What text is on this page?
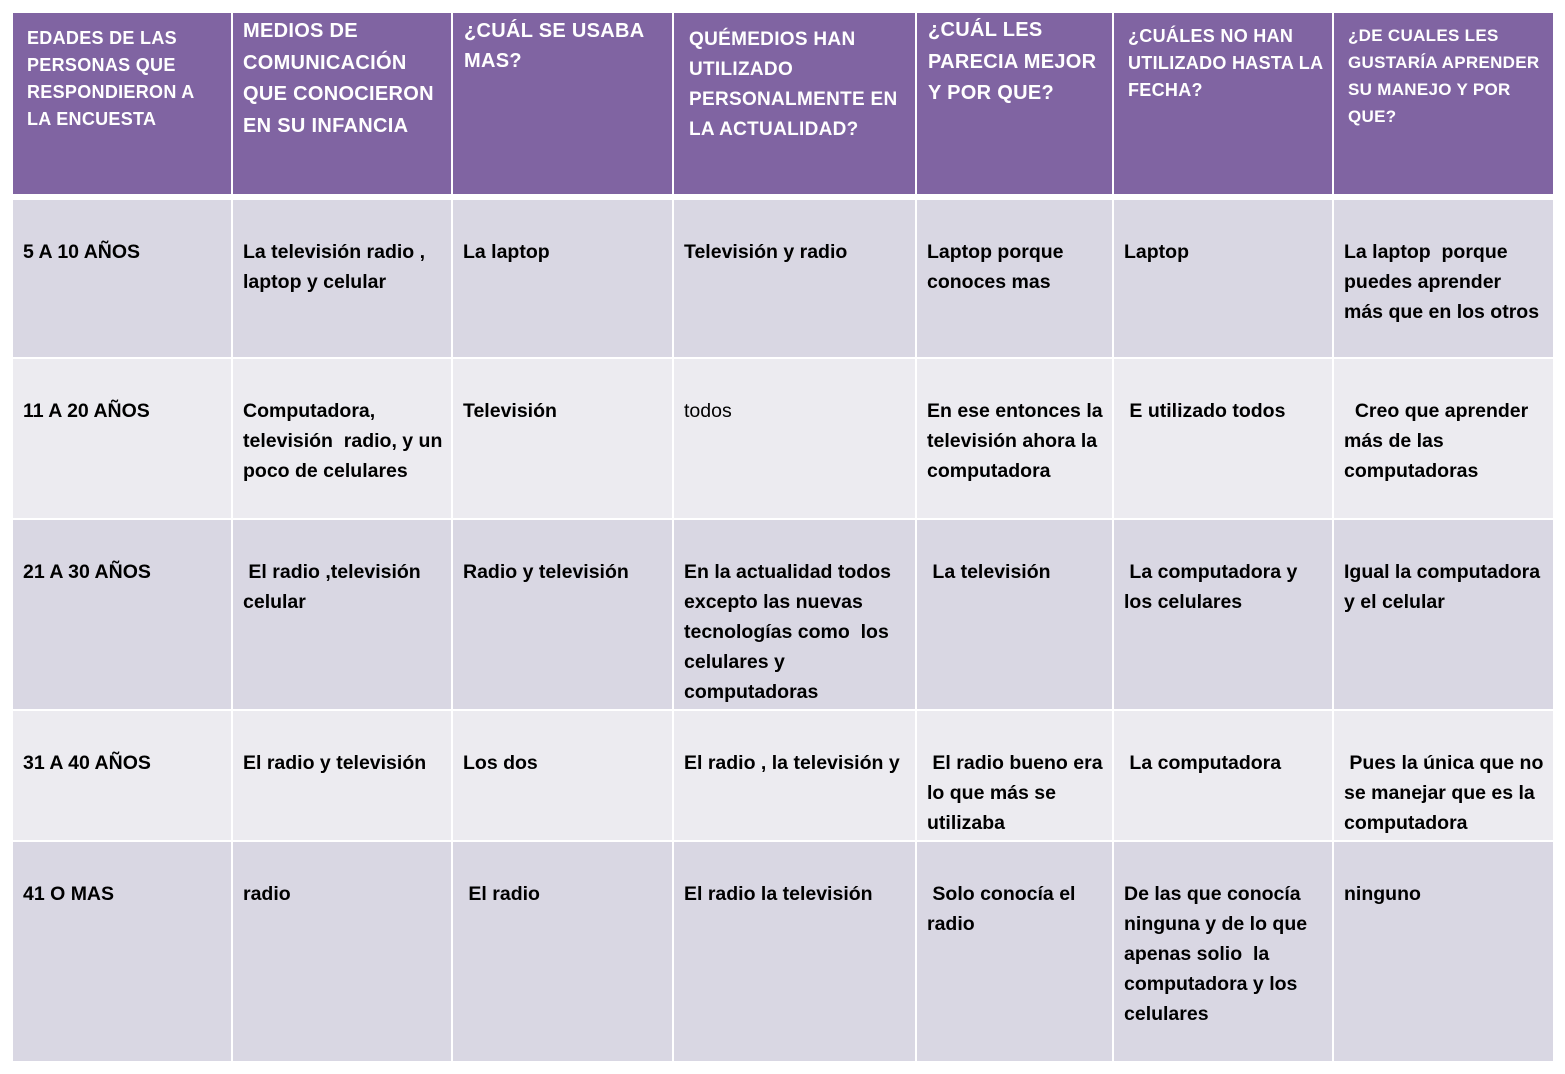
EDADES DE LAS PERSONAS QUE RESPONDIERON A LA ENCUESTA	MEDIOS DE COMUNICACIÓN QUE CONOCIERON EN SU INFANCIA	¿CUÁL SE USABA MAS?	QUÉMEDIOS HAN UTILIZADO PERSONALMENTE EN LA ACTUALIDAD?	¿CUÁL LES PARECIA MEJOR Y POR QUE?	¿CUÁLES NO HAN UTILIZADO HASTA LA FECHA?	¿DE CUALES LES GUSTARÍA APRENDER SU MANEJO Y POR QUE?
5 A 10 AÑOS	La televisión radio , laptop y celular	La laptop	Televisión y radio	Laptop porque conoces mas	Laptop	La laptop  porque puedes aprender más que en los otros
11 A 20 AÑOS	Computadora, televisión  radio, y un poco de celulares	Televisión	todos	En ese entonces la televisión ahora la computadora	E utilizado todos	Creo que aprender más de las computadoras
21 A 30 AÑOS	El radio ,televisión celular	Radio y televisión	En la actualidad todos  excepto las nuevas tecnologías como  los celulares y computadoras	La televisión	La computadora y los celulares	Igual la computadora y el celular
31 A 40 AÑOS	El radio y televisión	Los dos	El radio , la televisión y	El radio bueno era lo que más se utilizaba	La computadora	Pues la única que no se manejar que es la computadora
41 O MAS	radio	El radio	El radio la televisión	Solo conocía el radio	De las que conocía    ninguna y de lo que apenas solio  la computadora y los celulares	ninguno
